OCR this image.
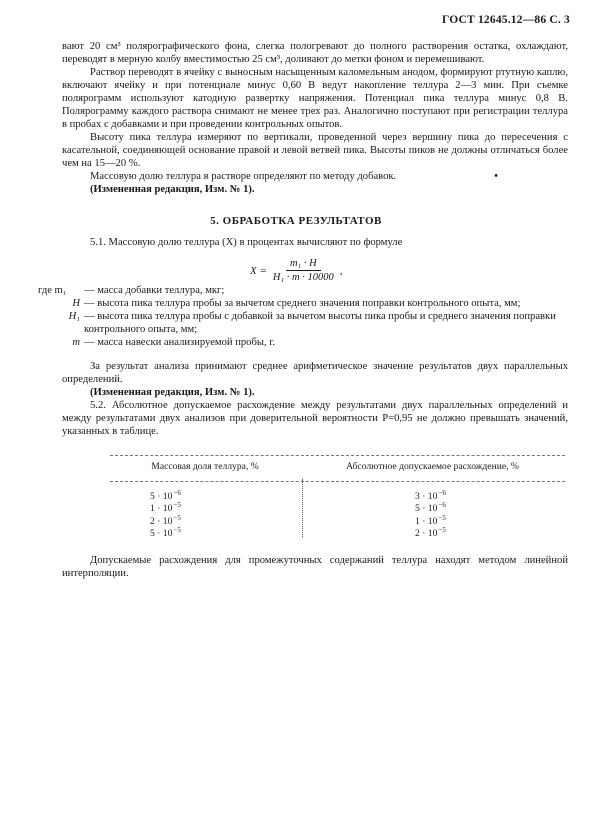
ГОСТ 12645.12—86 С. 3

вают 20 см³ полярографического фона, слегка пологревают до полного растворения остатка, охлаждают, переводят в мерную колбу вместимостью 25 см³, доливают до метки фоном и перемешивают.

Раствор переводят в ячейку с выносным насыщенным каломельным анодом, формируют ртутную каплю, включают ячейку и при потенциале минус 0,60 В ведут накопление теллура 2—3 мин. При съемке полярограмм используют катодную развертку напряжения. Потенциал пика теллура минус 0,8 В. Полярограмму каждого раствора снимают не менее трех раз. Аналогично поступают при регистрации теллура в пробах с добавками и при проведении контрольных опытов.

Высоту пика теллура измеряют по вертикали, проведенной через вершину пика до пересечения с касательной, соединяющей основание правой и левой ветвей пика. Высоты пиков не должны отличаться более чем на 15—20 %.

Массовую долю теллура в растворе определяют по методу добавок.	•

(Измененная редакция, Изм. № 1).

5. ОБРАБОТКА РЕЗУЛЬТАТОВ

5.1. Массовую долю теллура (X) в процентах вычисляют по формуле

$X = \frac{\text{m₁ · H}}{\text{H₁ · m · 10000}}$ ,
где m₁	— масса добавки теллура, мкг;
H — высота пика теллура пробы за вычетом среднего значения поправки контрольного опыта, мм;
H₁ — высота пика теллура пробы с добавкой за вычетом высоты пика пробы и среднего значения поправки контрольного опыта, мм;
m — масса навески анализируемой пробы, г.

За результат анализа принимают среднее арифметическое значение результатов двух параллельных определений.

(Измененная редакция, Изм. № 1).

5.2. Абсолютное допускаемое расхождение между результатами двух параллельных определений и между результатами двух анализов при доверительной вероятности P=0,95 не должно превышать значений, указанных в таблице.

Массовая доля теллура, %	Абсолютное допускаемое расхождение, %
$5 \cdot 10^{-6}$	$3 \cdot 10^{-6}$
$1 \cdot 10^{-5}$	$5 \cdot 10^{-6}$
$2 \cdot 10^{-5}$	$1 \cdot 10^{-5}$
$5 \cdot 10^{-5}$	$2 \cdot 10^{-5}$

Допускаемые расхождения для промежуточных содержаний теллура находят методом линейной интерполяции.
